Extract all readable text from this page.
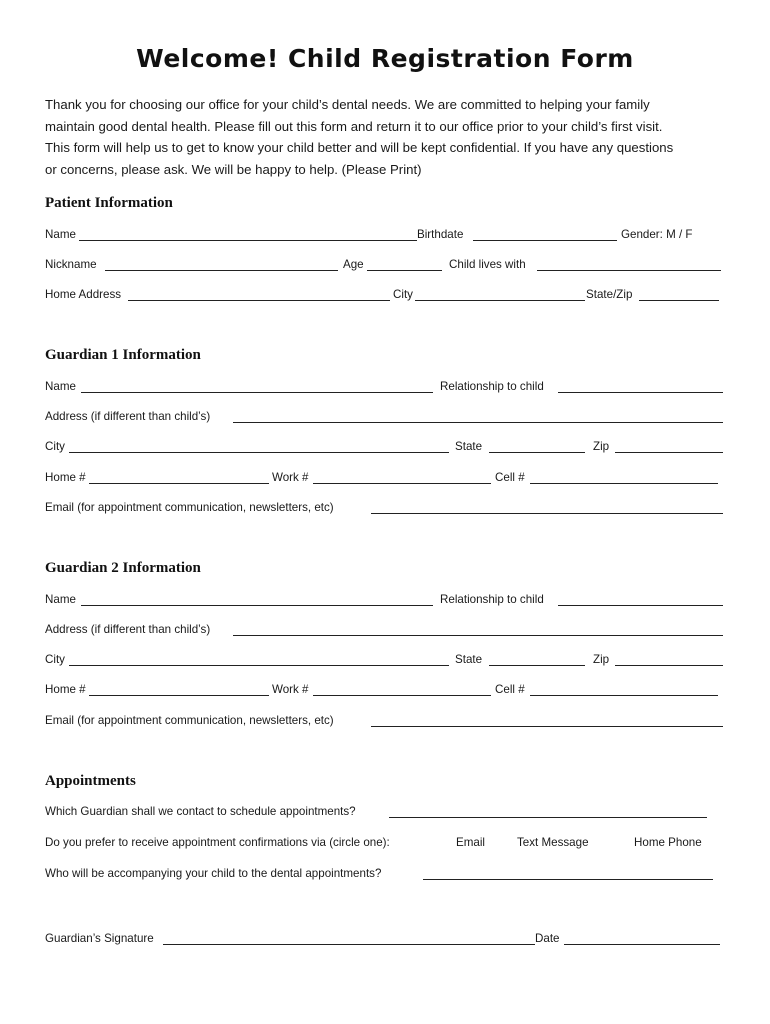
Welcome! Child Registration Form
Thank you for choosing our office for your child’s dental needs. We are committed to helping your family
maintain good dental health. Please fill out this form and return it to our office prior to your child’s first visit.
This form will help us to get to know your child better and will be kept confidential. If you have any questions
or concerns, please ask. We will be happy to help. (Please Print)
Patient Information
Name	Birthdate	Gender: M / F
Nickname	Age	Child lives with
Home Address	City	State/Zip
Guardian 1 Information
Name	Relationship to child
Address (if different than child’s)
City	State	Zip
Home #	Work #	Cell #
Email (for appointment communication, newsletters, etc)
Guardian 2 Information
Name	Relationship to child
Address (if different than child’s)
City	State	Zip
Home #	Work #	Cell #
Email (for appointment communication, newsletters, etc)
Appointments
Which Guardian shall we contact to schedule appointments?
Do you prefer to receive appointment confirmations via (circle one):	Email	Text Message	Home Phone
Who will be accompanying your child to the dental appointments?
Guardian’s Signature	Date
